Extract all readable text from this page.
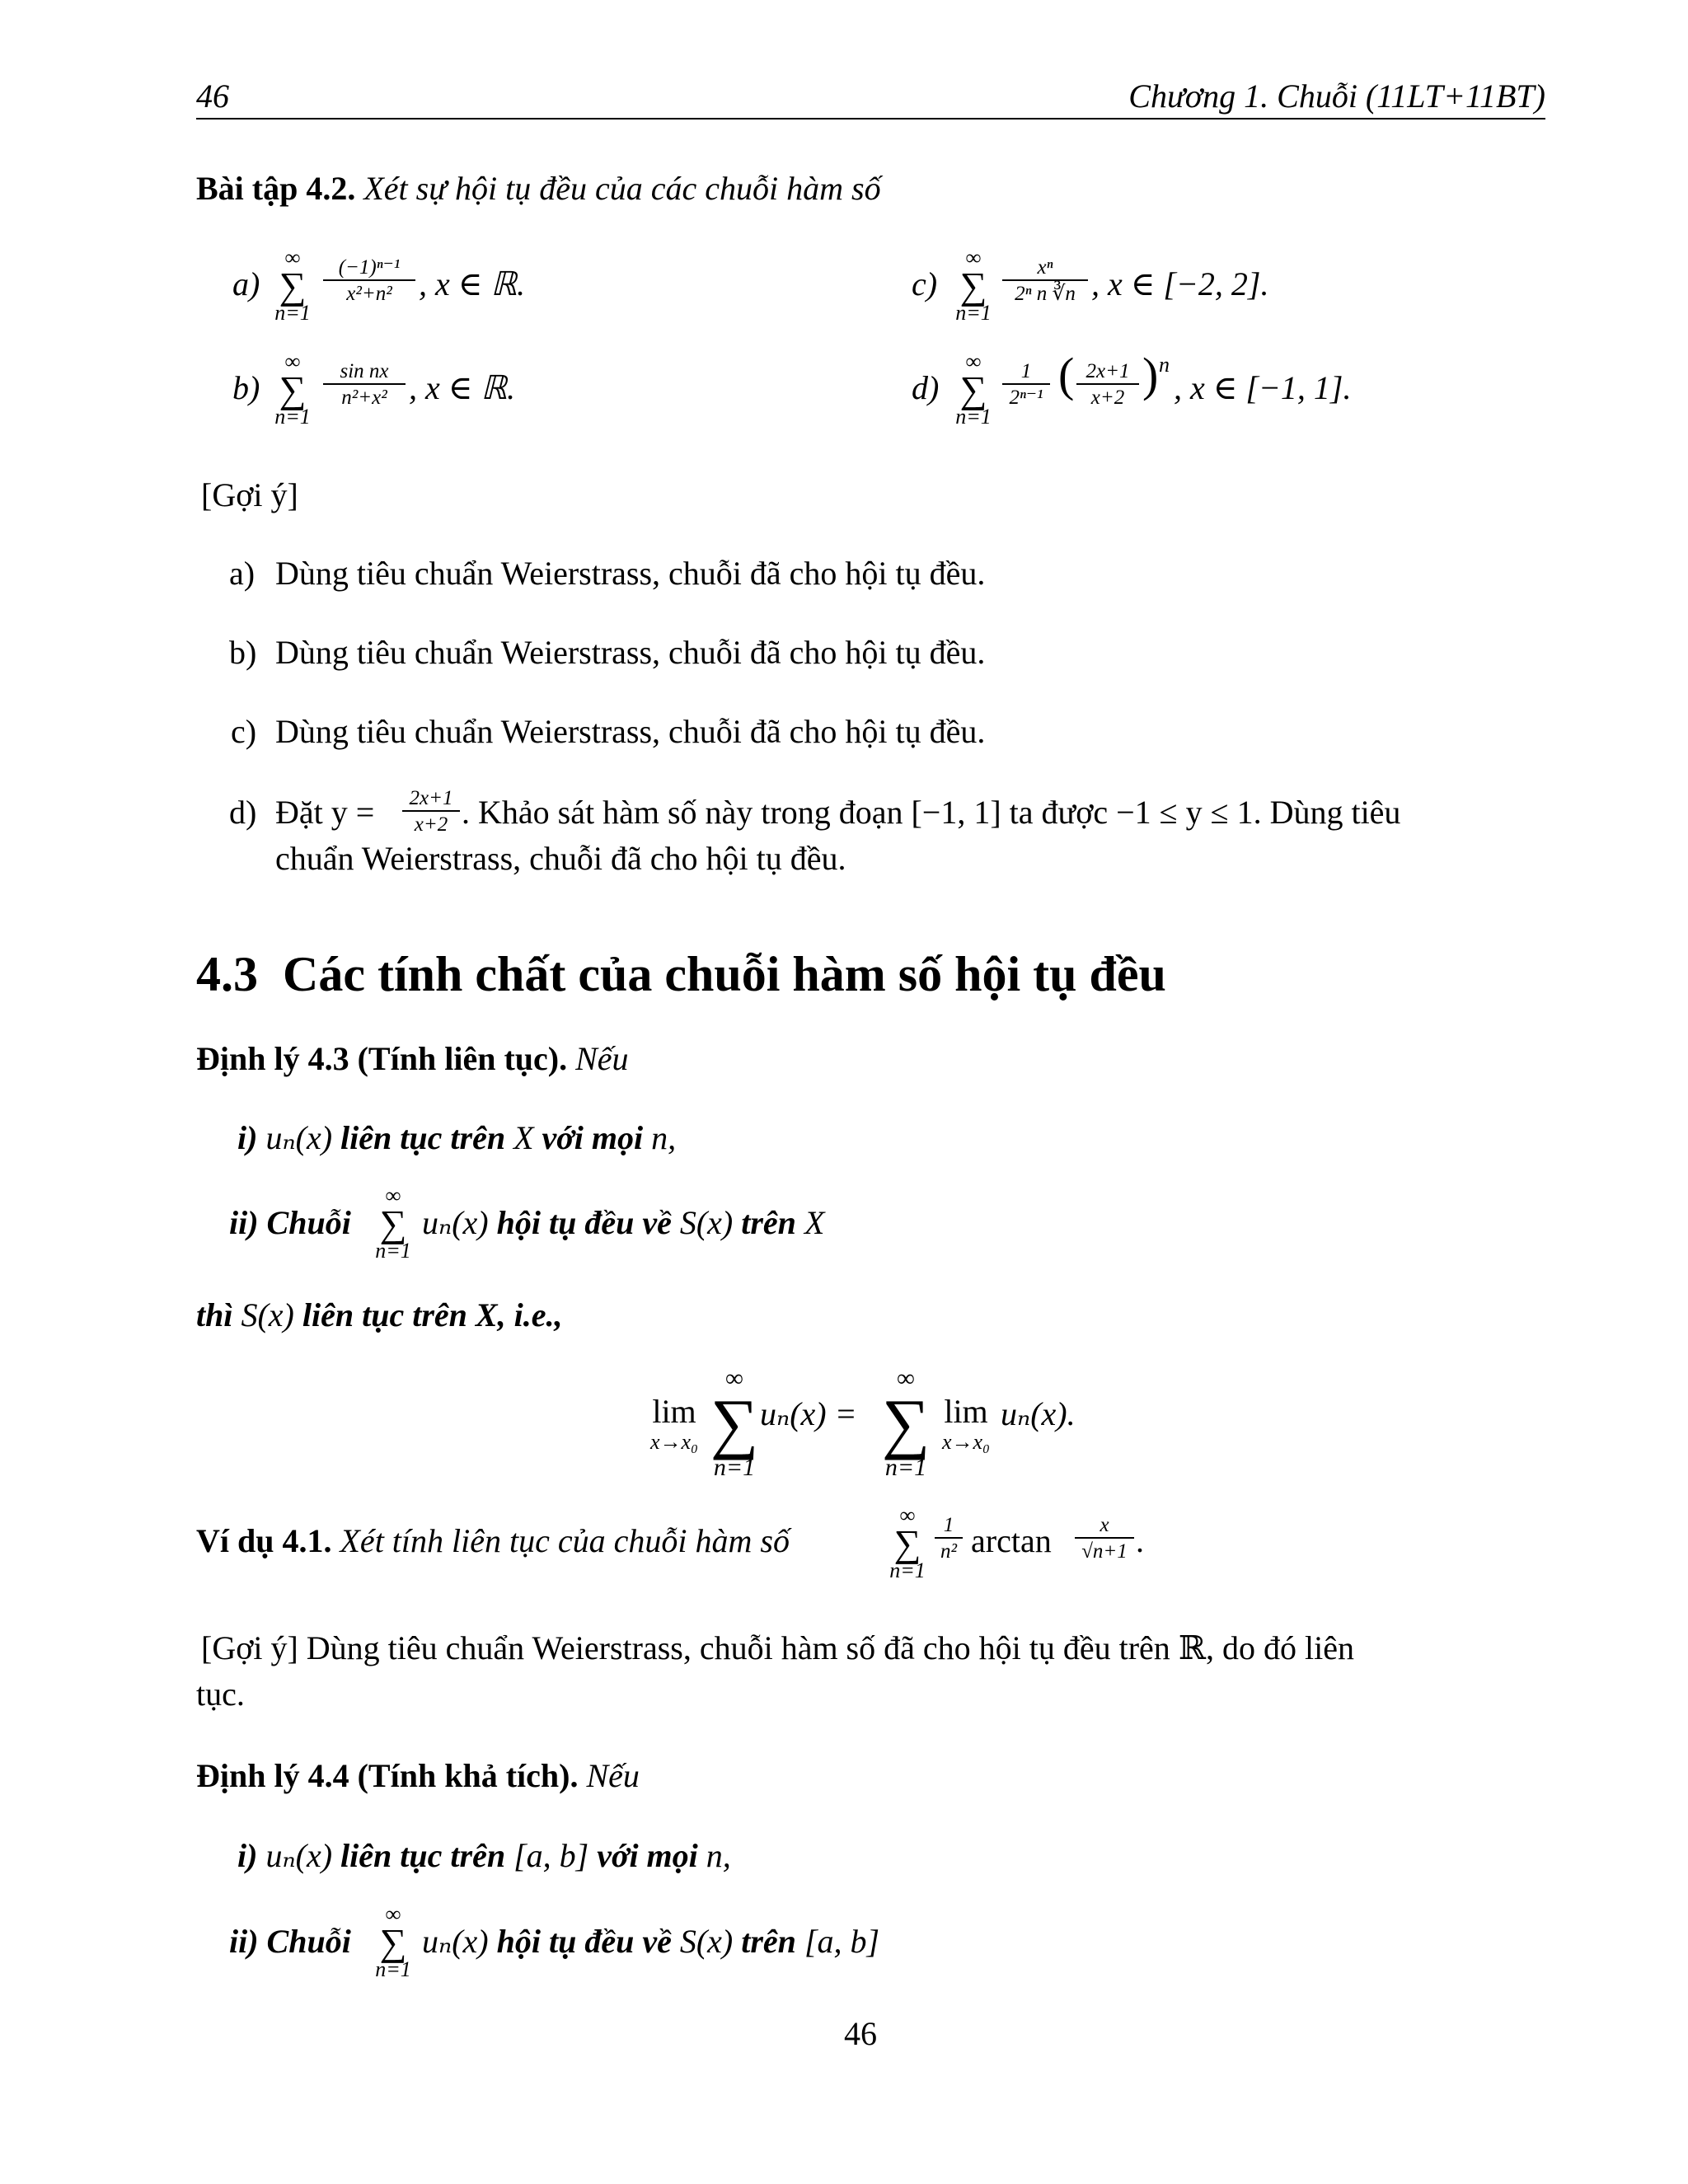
46	Chương 1. Chuỗi (11LT+11BT)
Bài tập 4.2. Xét sự hội tụ đều của các chuỗi hàm số
a)
∞
∑
n=1
$\frac{\text{(−1)ⁿ⁻¹}}{\text{x²+n²}}$ , x ∈ ℝ.
b)
∞
∑
n=1
$\frac{\text{sin nx}}{\text{n²+x²}}$ , x ∈ ℝ.
c)
∞
∑
n=1
$\frac{\text{xⁿ}}{\text{2ⁿ n ∛n}}$ , x ∈ [−2, 2].
d)
∞
∑
n=1
$\frac{1}{\text{2ⁿ⁻¹}}$ ( $\frac{2x+1}{x+2}$ ) n
, x ∈ [−1, 1].
[Gợi ý]
a) Dùng tiêu chuẩn Weierstrass, chuỗi đã cho hội tụ đều.
b) Dùng tiêu chuẩn Weierstrass, chuỗi đã cho hội tụ đều.
c) Dùng tiêu chuẩn Weierstrass, chuỗi đã cho hội tụ đều.
d) Đặt $y = \frac{2x+1}{x+2}$ . Khảo sát hàm số này trong đoạn [−1, 1] ta được −1 ≤ y ≤ 1. Dùng tiêu
chuẩn Weierstrass, chuỗi đã cho hội tụ đều.
4.3 Các tính chất của chuỗi hàm số hội tụ đều
Định lý 4.3 (Tính liên tục). Nếu
i) uₙ(x) liên tục trên X với mọi n,
ii) Chuỗi
∞
∑
n=1
uₙ(x) hội tụ đều về S(x) trên X
thì S(x) liên tục trên X, i.e.,
lim
x→x₀
∞
∑
n=1
uₙ(x) =
∞
∑
n=1
lim
x→x₀
uₙ(x).
Ví dụ 4.1. Xét tính liên tục của chuỗi hàm số
∞
∑
n=1
$\frac{1}{\text{n²}}$ $\arctan \frac{x}{√n+1}$ .
[Gợi ý] Dùng tiêu chuẩn Weierstrass, chuỗi hàm số đã cho hội tụ đều trên ℝ, do đó liên
tục.
Định lý 4.4 (Tính khả tích). Nếu
i) uₙ(x) liên tục trên [a, b] với mọi n,
ii) Chuỗi
∞
∑
n=1
uₙ(x) hội tụ đều về S(x) trên [a, b]
46
